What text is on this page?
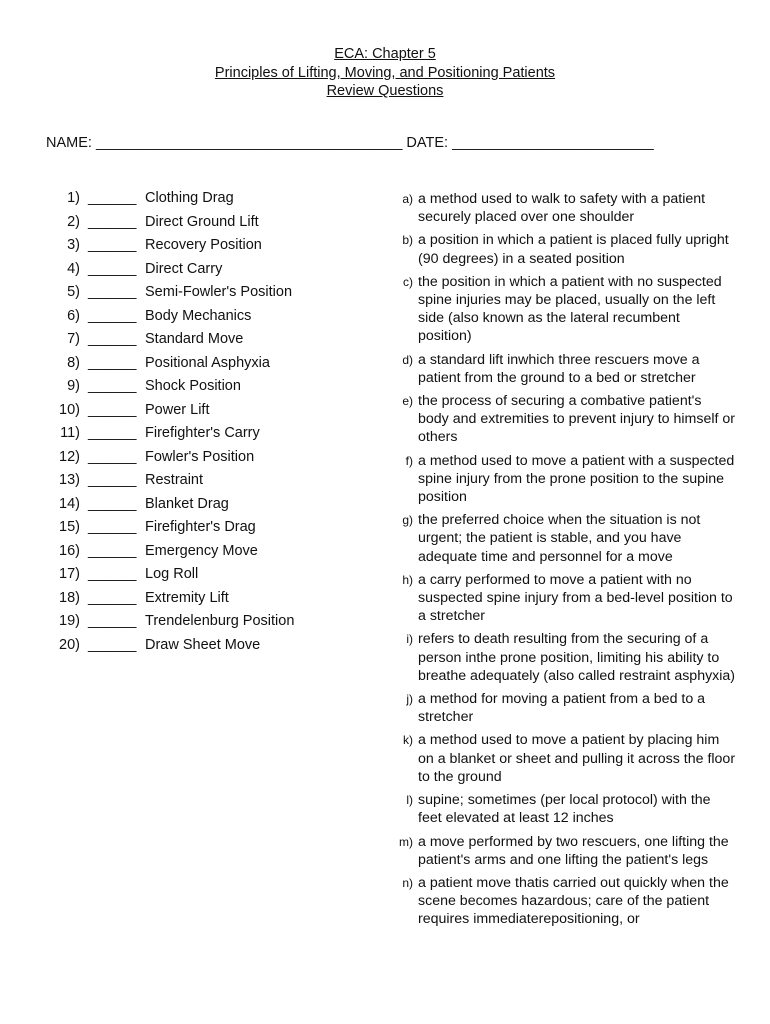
ECA: Chapter 5
Principles of Lifting, Moving, and Positioning Patients
Review Questions
NAME: ______________________________________ DATE: _________________________
1) ______ Clothing Drag
2) ______ Direct Ground Lift
3) ______ Recovery Position
4) ______ Direct Carry
5) ______ Semi-Fowler's Position
6) ______ Body Mechanics
7) ______ Standard Move
8) ______ Positional Asphyxia
9) ______ Shock Position
10) ______ Power Lift
11) ______ Firefighter's Carry
12) ______ Fowler's Position
13) ______ Restraint
14) ______ Blanket Drag
15) ______ Firefighter's Drag
16) ______ Emergency Move
17) ______ Log Roll
18) ______ Extremity Lift
19) ______ Trendelenburg Position
20) ______ Draw Sheet Move
a) a method used to walk to safety with a patient securely placed over one shoulder
b) a position in which a patient is placed fully upright (90 degrees) in a seated position
c) the position in which a patient with no suspected spine injuries may be placed, usually on the left side (also known as the lateral recumbent position)
d) a standard lift inwhich three rescuers move a patient from the ground to a bed or stretcher
e) the process of securing a combative patient's body and extremities to prevent injury to himself or others
f) a method used to move a patient with a suspected spine injury from the prone position to the supine position
g) the preferred choice when the situation is not urgent; the patient is stable, and you have adequate time and personnel for a move
h) a carry performed to move a patient with no suspected spine injury from a bed-level position to a stretcher
i) refers to death resulting from the securing of a person inthe prone position, limiting his ability to breathe adequately (also called restraint asphyxia)
j) a method for moving a patient from a bed to a stretcher
k) a method used to move a patient by placing him on a blanket or sheet and pulling it across the floor to the ground
l) supine; sometimes (per local protocol) with the feet elevated at least 12 inches
m) a move performed by two rescuers, one lifting the patient's arms and one lifting the patient's legs
n) a patient move thatis carried out quickly when the scene becomes hazardous; care of the patient requires immediaterepositioning, or
